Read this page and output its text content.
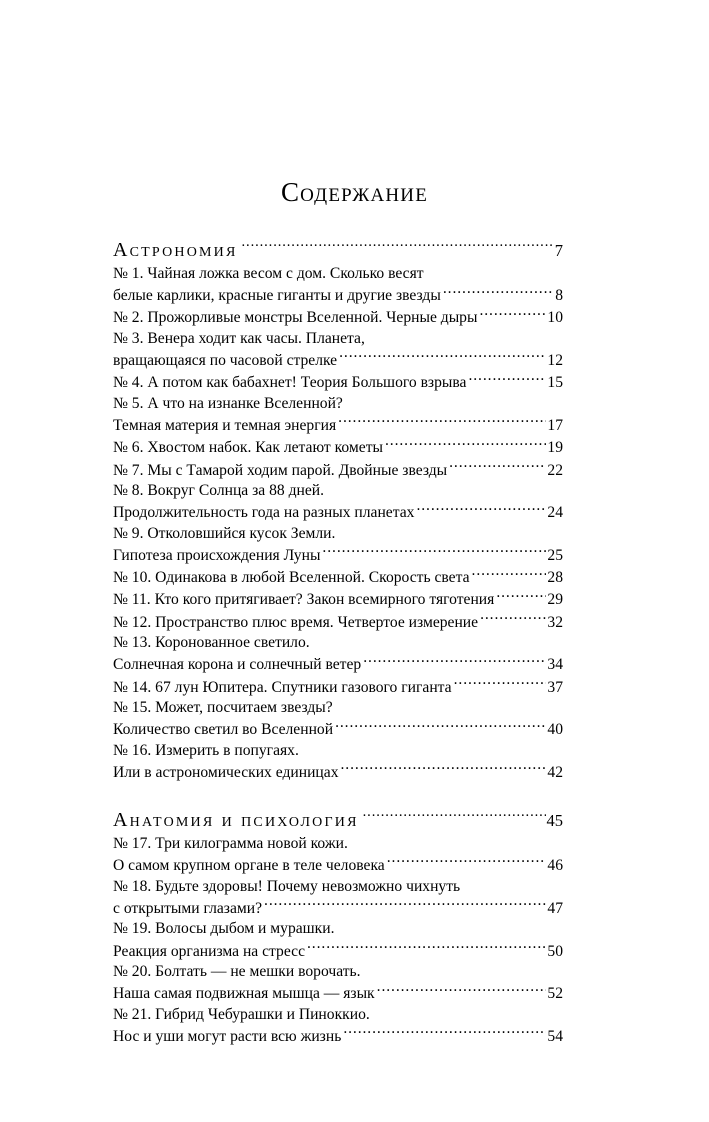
Содержание
Астрономия .....	7
№ 1. Чайная ложка весом с дом. Сколько весят
белые карлики, красные гиганты и другие звезды .....	8
№ 2. Прожорливые монстры Вселенной. Черные дыры .....	10
№ 3. Венера ходит как часы. Планета,
вращающаяся по часовой стрелке .....	12
№ 4. А потом как бабахнет! Теория Большого взрыва .....	15
№ 5. А что на изнанке Вселенной?
Темная материя и темная энергия .....	17
№ 6. Хвостом набок. Как летают кометы .....	19
№ 7. Мы с Тамарой ходим парой. Двойные звезды .....	22
№ 8. Вокруг Солнца за 88 дней.
Продолжительность года на разных планетах .....	24
№ 9. Отколовшийся кусок Земли.
Гипотеза происхождения Луны .....	25
№ 10. Одинакова в любой Вселенной. Скорость света .....	28
№ 11. Кто кого притягивает? Закон всемирного тяготения .....	29
№ 12. Пространство плюс время. Четвертое измерение .....	32
№ 13. Коронованное светило.
Солнечная корона и солнечный ветер .....	34
№ 14. 67 лун Юпитера. Спутники газового гиганта .....	37
№ 15. Может, посчитаем звезды?
Количество светил во Вселенной .....	40
№ 16. Измерить в попугаях.
Или в астрономических единицах .....	42
Анатомия и психология .....	45
№ 17. Три килограмма новой кожи.
О самом крупном органе в теле человека .....	46
№ 18. Будьте здоровы! Почему невозможно чихнуть
с открытыми глазами? .....	47
№ 19. Волосы дыбом и мурашки.
Реакция организма на стресс .....	50
№ 20. Болтать — не мешки ворочать.
Наша самая подвижная мышца — язык .....	52
№ 21. Гибрид Чебурашки и Пиноккио.
Нос и уши могут расти всю жизнь .....	54
